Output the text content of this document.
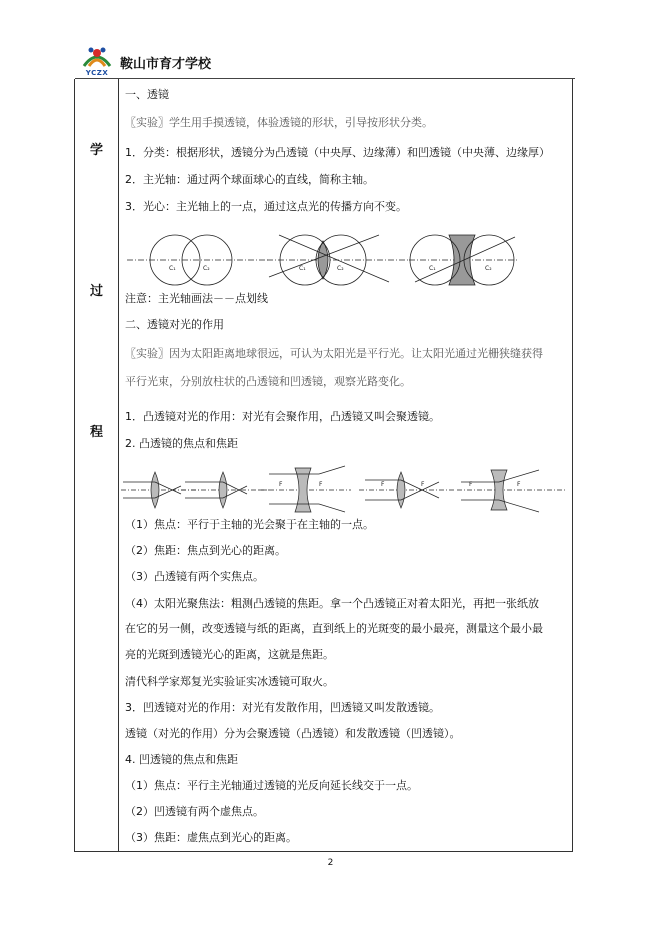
YCZX
鞍山市育才学校
学
过
程
一、透镜
〖实验〗学生用手摸透镜，体验透镜的形状，引导按形状分类。
1．分类：根据形状，透镜分为凸透镜（中央厚、边缘薄）和凹透镜（中央薄、边缘厚）
2．主光轴：通过两个球面球心的直线，简称主轴。
3．光心：主光轴上的一点，通过这点光的传播方向不变。
C₁	C₂	C₁	C₂	C₁	C₂
注意：主光轴画法－－点划线
二、透镜对光的作用
〖实验〗因为太阳距离地球很远，可认为太阳光是平行光。让太阳光通过光栅狭缝获得
平行光束，分别放柱状的凸透镜和凹透镜，观察光路变化。
1．凸透镜对光的作用：对光有会聚作用，凸透镜又叫会聚透镜。
2. 凸透镜的焦点和焦距
F	F	F	F	F	F
（1）焦点：平行于主轴的光会聚于在主轴的一点。
（2）焦距：焦点到光心的距离。
（3）凸透镜有两个实焦点。
（4）太阳光聚焦法：粗测凸透镜的焦距。拿一个凸透镜正对着太阳光，再把一张纸放
在它的另一侧，改变透镜与纸的距离，直到纸上的光斑变的最小最亮，测量这个最小最
亮的光斑到透镜光心的距离，这就是焦距。
清代科学家郑复光实验证实冰透镜可取火。
3．凹透镜对光的作用：对光有发散作用，凹透镜又叫发散透镜。
透镜（对光的作用）分为会聚透镜（凸透镜）和发散透镜（凹透镜）。
4. 凹透镜的焦点和焦距
（1）焦点：平行主光轴通过透镜的光反向延长线交于一点。
（2）凹透镜有两个虚焦点。
（3）焦距：虚焦点到光心的距离。
2
